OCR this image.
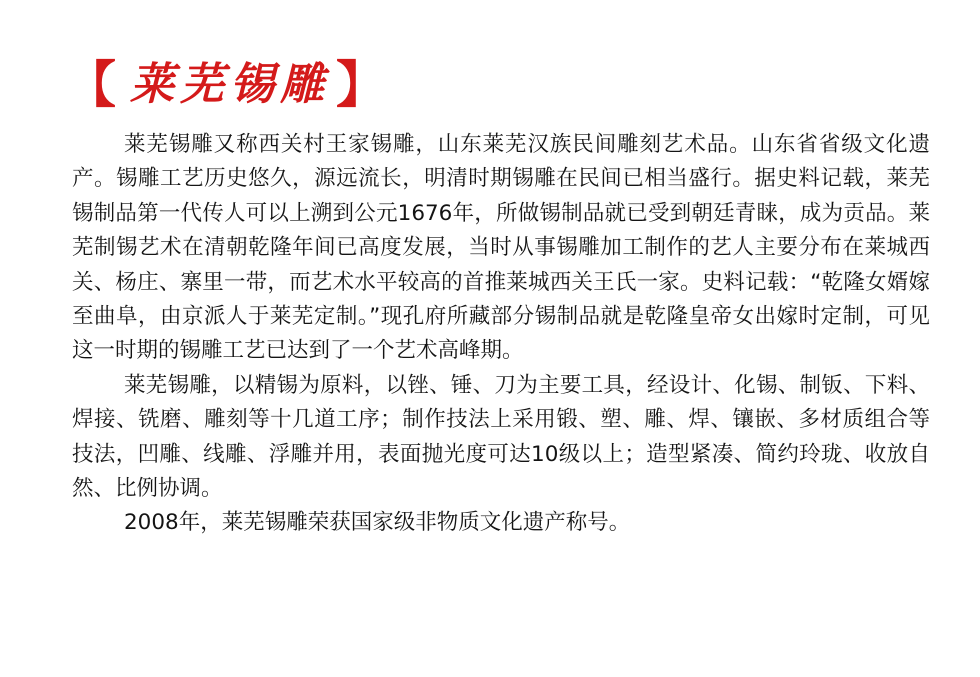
【 莱芜锡雕 】

莱芜锡雕又称西关村王家锡雕，山东莱芜汉族民间雕刻艺术品。山东省省级文化遗产。锡雕工艺历史悠久，源远流长，明清时期锡雕在民间已相当盛行。据史料记载，莱芜锡制品第一代传人可以上溯到公元1676年，所做锡制品就已受到朝廷青睐，成为贡品。莱芜制锡艺术在清朝乾隆年间已高度发展，当时从事锡雕加工制作的艺人主要分布在莱城西关、杨庄、寨里一带，而艺术水平较高的首推莱城西关王氏一家。史料记载：“乾隆女婿嫁至曲阜，由京派人于莱芜定制。”现孔府所藏部分锡制品就是乾隆皇帝女出嫁时定制，可见这一时期的锡雕工艺已达到了一个艺术高峰期。

莱芜锡雕，以精锡为原料，以锉、锤、刀为主要工具，经设计、化锡、制钣、下料、焊接、铣磨、雕刻等十几道工序；制作技法上采用锻、塑、雕、焊、镶嵌、多材质组合等技法，凹雕、线雕、浮雕并用，表面抛光度可达10级以上；造型紧凑、简约玲珑、收放自然、比例协调。

2008年，莱芜锡雕荣获国家级非物质文化遗产称号。
